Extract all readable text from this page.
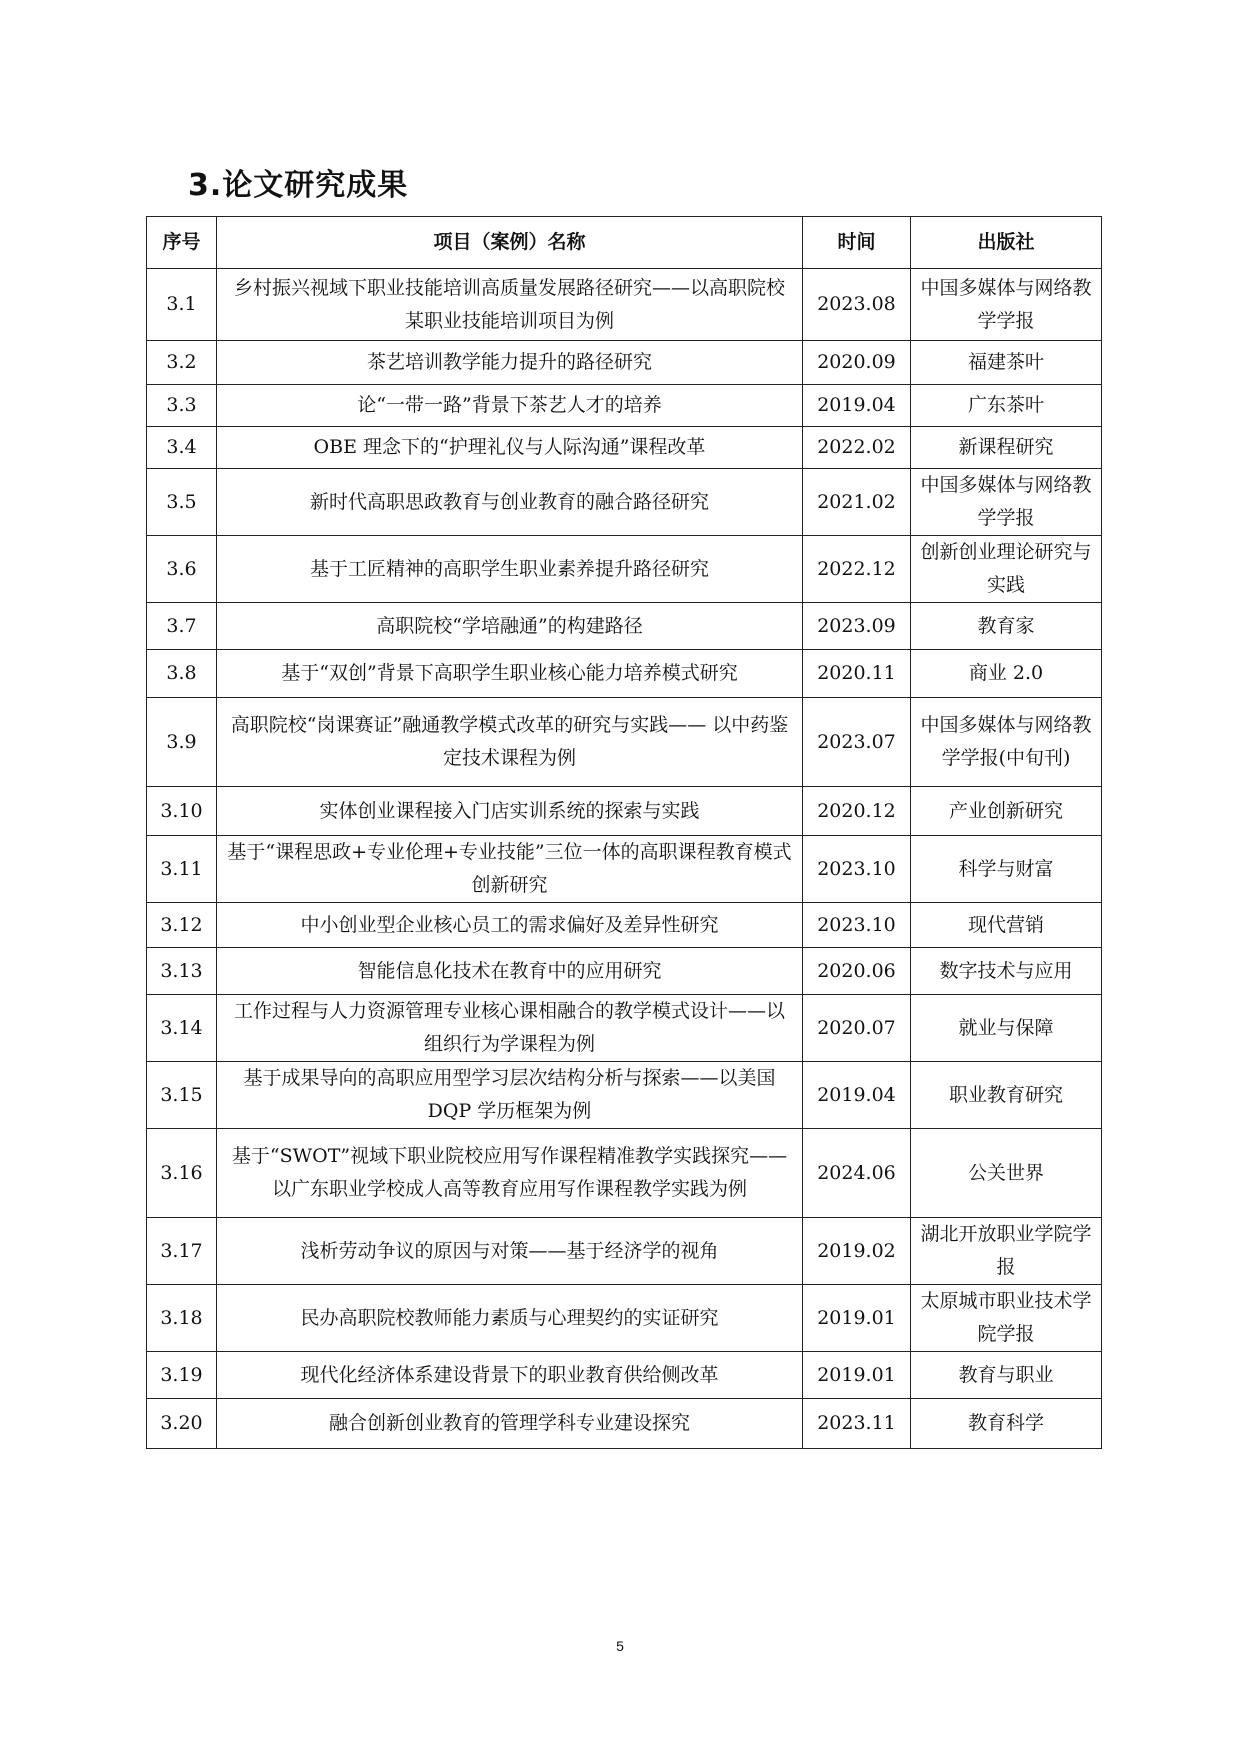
3.论文研究成果
序号	项目（案例）名称	时间	出版社
3.1	乡村振兴视域下职业技能培训高质量发展路径研究——以高职院校某职业技能培训项目为例	2023.08	中国多媒体与网络教学学报
3.2	茶艺培训教学能力提升的路径研究	2020.09	福建茶叶
3.3	论“一带一路”背景下茶艺人才的培养	2019.04	广东茶叶
3.4	OBE 理念下的“护理礼仪与人际沟通”课程改革	2022.02	新课程研究
3.5	新时代高职思政教育与创业教育的融合路径研究	2021.02	中国多媒体与网络教学学报
3.6	基于工匠精神的高职学生职业素养提升路径研究	2022.12	创新创业理论研究与实践
3.7	高职院校“学培融通”的构建路径	2023.09	教育家
3.8	基于“双创”背景下高职学生职业核心能力培养模式研究	2020.11	商业 2.0
3.9	高职院校“岗课赛证”融通教学模式改革的研究与实践—— 以中药鉴定技术课程为例	2023.07	中国多媒体与网络教学学报(中旬刊)
3.10	实体创业课程接入门店实训系统的探索与实践	2020.12	产业创新研究
3.11	基于“课程思政+专业伦理+专业技能”三位一体的高职课程教育模式创新研究	2023.10	科学与财富
3.12	中小创业型企业核心员工的需求偏好及差异性研究	2023.10	现代营销
3.13	智能信息化技术在教育中的应用研究	2020.06	数字技术与应用
3.14	工作过程与人力资源管理专业核心课相融合的教学模式设计——以组织行为学课程为例	2020.07	就业与保障
3.15	基于成果导向的高职应用型学习层次结构分析与探索——以美国 DQP 学历框架为例	2019.04	职业教育研究
3.16	基于“SWOT”视域下职业院校应用写作课程精准教学实践探究——以广东职业学校成人高等教育应用写作课程教学实践为例	2024.06	公关世界
3.17	浅析劳动争议的原因与对策——基于经济学的视角	2019.02	湖北开放职业学院学报
3.18	民办高职院校教师能力素质与心理契约的实证研究	2019.01	太原城市职业技术学院学报
3.19	现代化经济体系建设背景下的职业教育供给侧改革	2019.01	教育与职业
3.20	融合创新创业教育的管理学科专业建设探究	2023.11	教育科学
5
